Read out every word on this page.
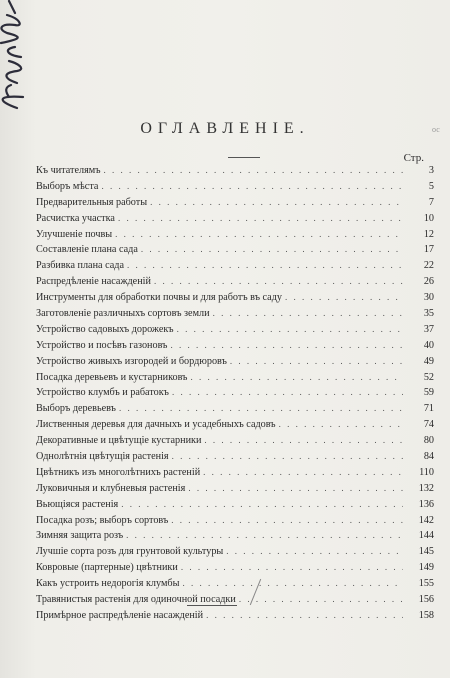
ос
ОГЛАВЛЕНІЕ.
Стр.
Къ читателямъ . . .	3
Выборъ мѣста . . .	5
Предварительныя работы . . .	7
Расчистка участка . . .	10
Улучшеніе почвы . . .	12
Составленіе плана сада . . .	17
Разбивка плана сада . . .	22
Распредѣленіе насажденій . . .	26
Инструменты для обработки почвы и для работъ въ саду . . .	30
Заготовленіе различныхъ сортовъ земли . . .	35
Устройство садовыхъ дорожекъ . . .	37
Устройство и посѣвъ газоновъ . . .	40
Устройство живыхъ изгородей и бордюровъ . . .	49
Посадка деревьевъ и кустарниковъ . . .	52
Устройство клумбъ и рабатокъ . . .	59
Выборъ деревьевъ . . .	71
Лиственныя деревья для дачныхъ и усадебныхъ садовъ . . .	74
Декоративные и цвѣтущіе кустарники . . .	80
Однолѣтнія цвѣтущія растенія . . .	84
Цвѣтникъ изъ многолѣтнихъ растеній . . .	110
Луковичныя и клубневыя растенія . . .	132
Вьющіяся растенія . . .	136
Посадка розъ; выборъ сортовъ . . .	142
Зимняя защита розъ . . .	144
Лучшіе сорта розъ для грунтовой культуры . . .	145
Ковровые (партерные) цвѣтники . . .	149
Какъ устроить недорогія клумбы . . .	155
Травянистыя растенія для одиночной посадки . . .	156
Примѣрное распредѣленіе насажденій . . .	158
